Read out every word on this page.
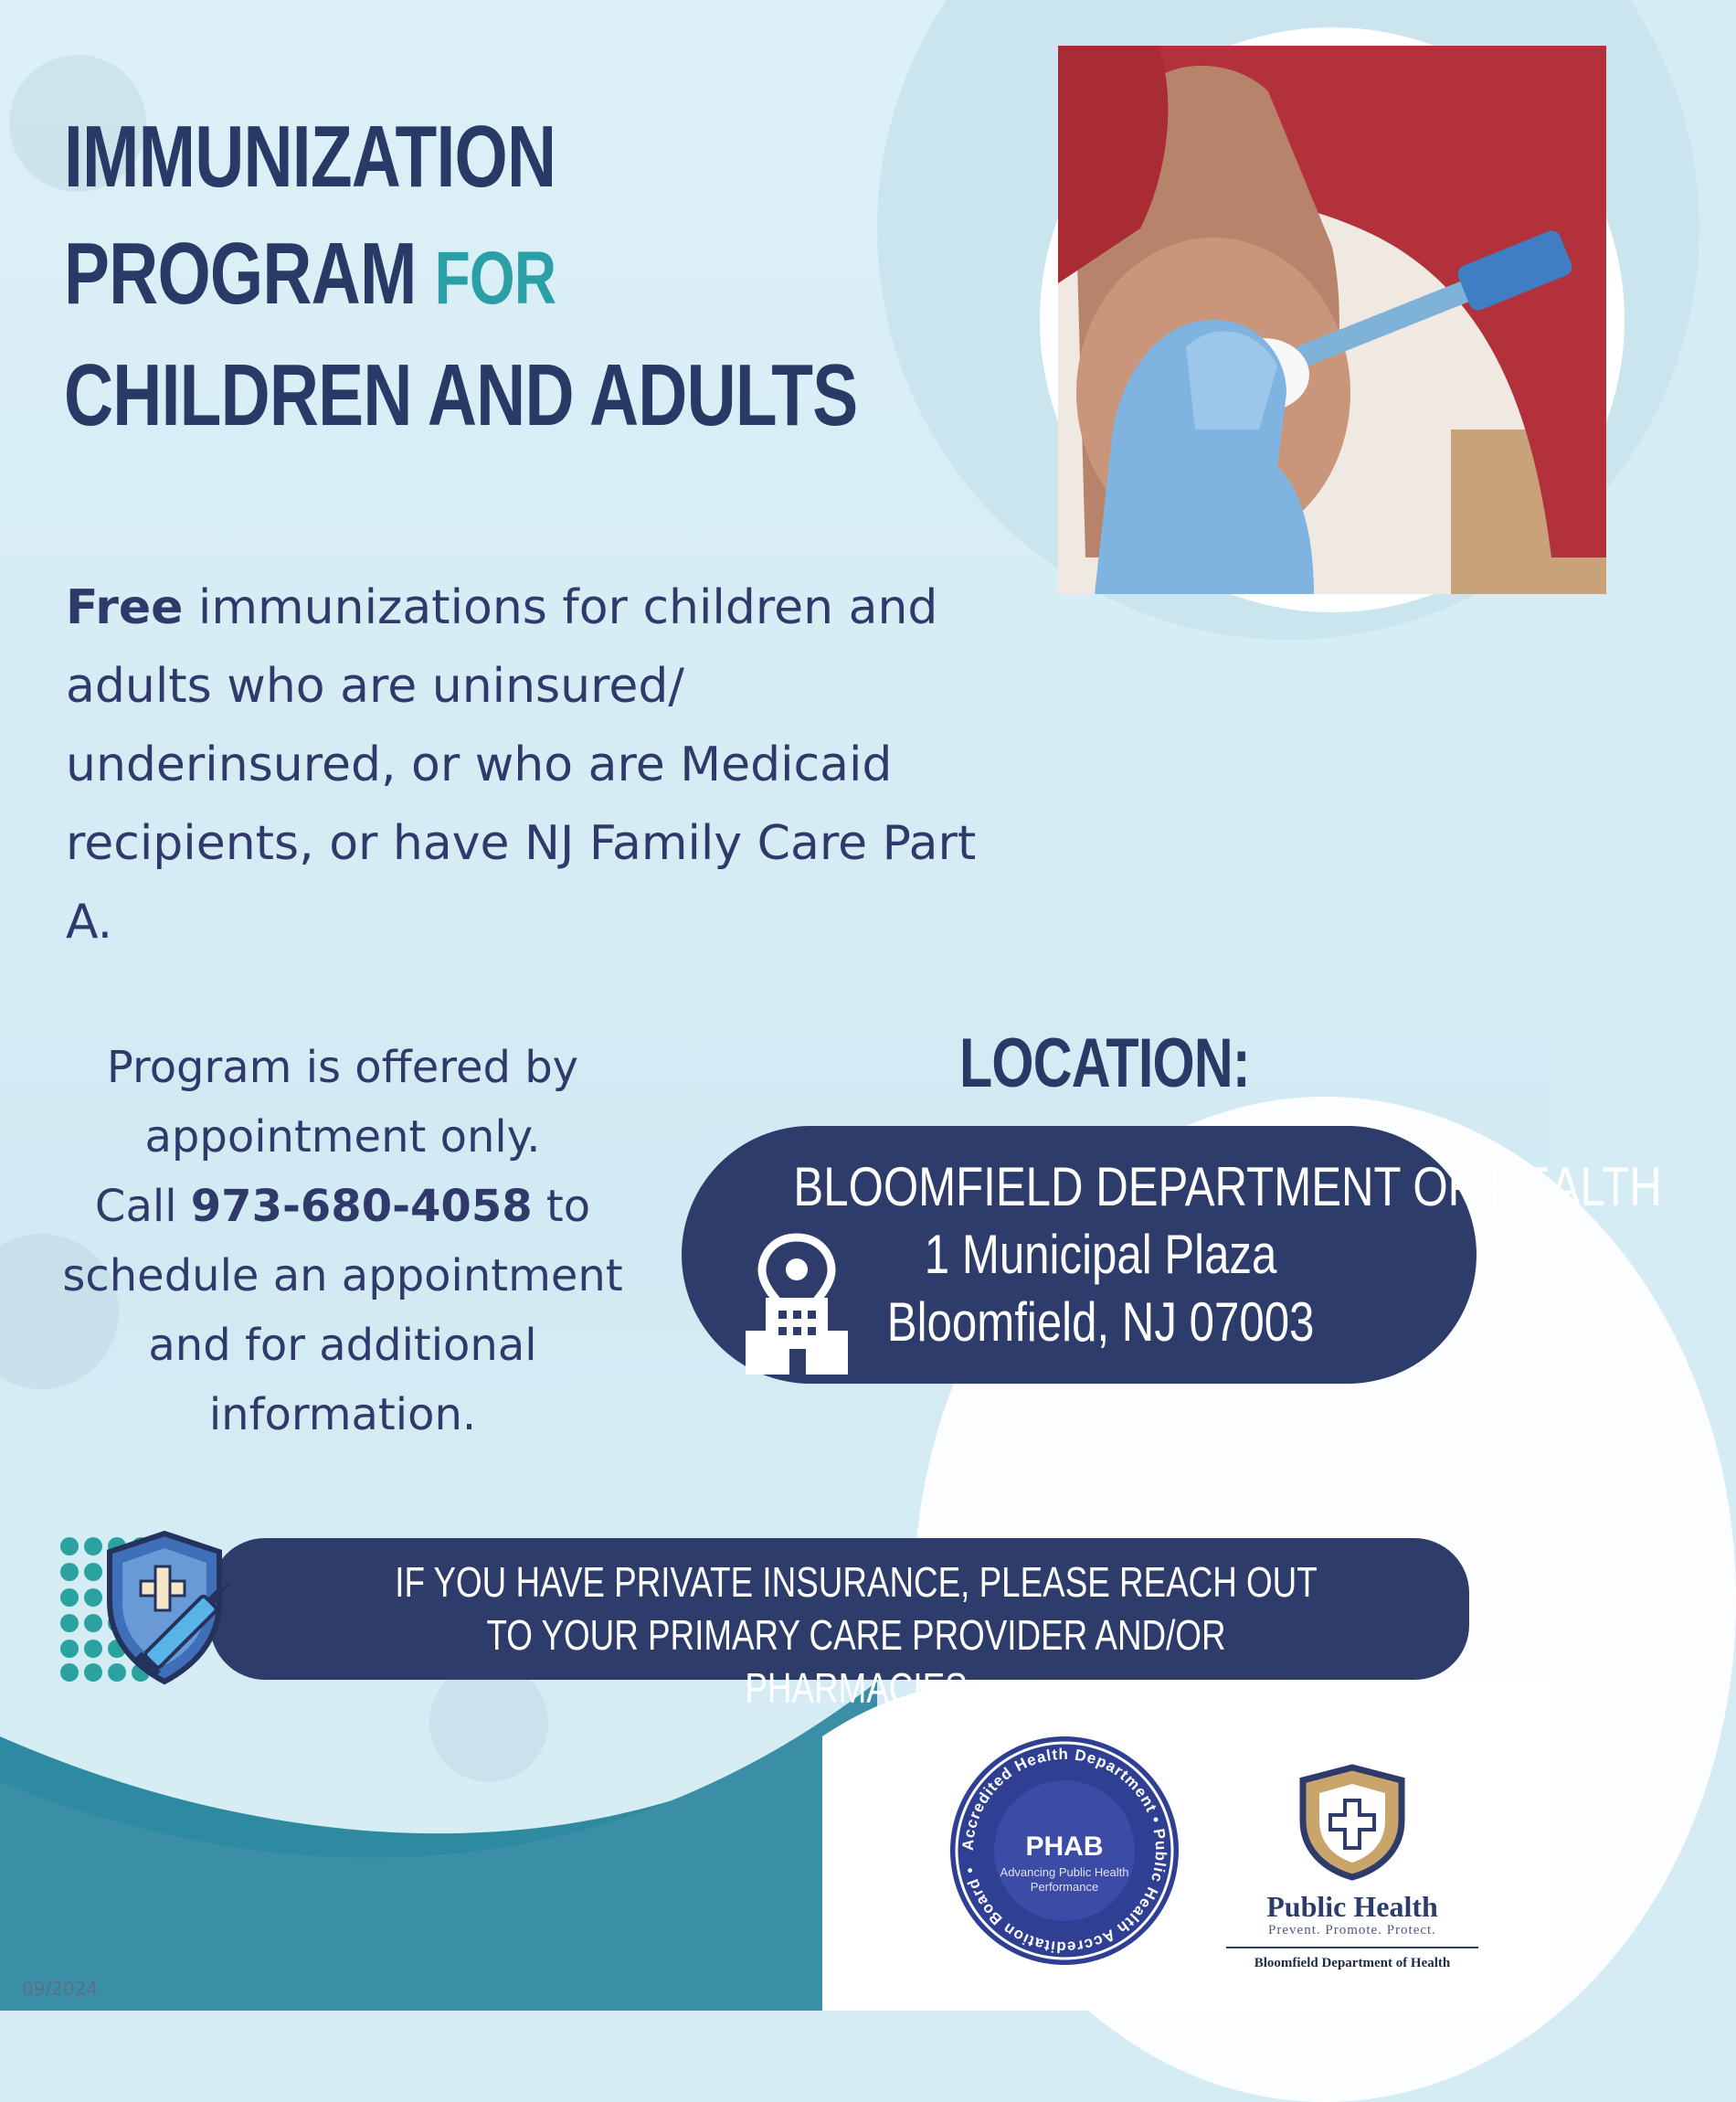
IMMUNIZATION
PROGRAM FOR
CHILDREN AND ADULTS
Free immunizations for children and adults who are uninsured/ underinsured, or who are Medicaid recipients, or have NJ Family Care Part A.
Program is offered by
appointment only.
Call 973-680-4058 to
schedule an appointment
and for additional
information.
LOCATION:
BLOOMFIELD DEPARTMENT OF HEALTH
1 Municipal Plaza
Bloomfield, NJ 07003
IF YOU HAVE PRIVATE INSURANCE, PLEASE REACH OUT TO YOUR PRIMARY CARE PROVIDER AND/OR PHARMACIES
Accredited Health Department • Public Health Accreditation Board •
PHAB
Advancing Public Health Performance
Public Health
Prevent. Promote. Protect.
Bloomfield Department of Health
09/2024
